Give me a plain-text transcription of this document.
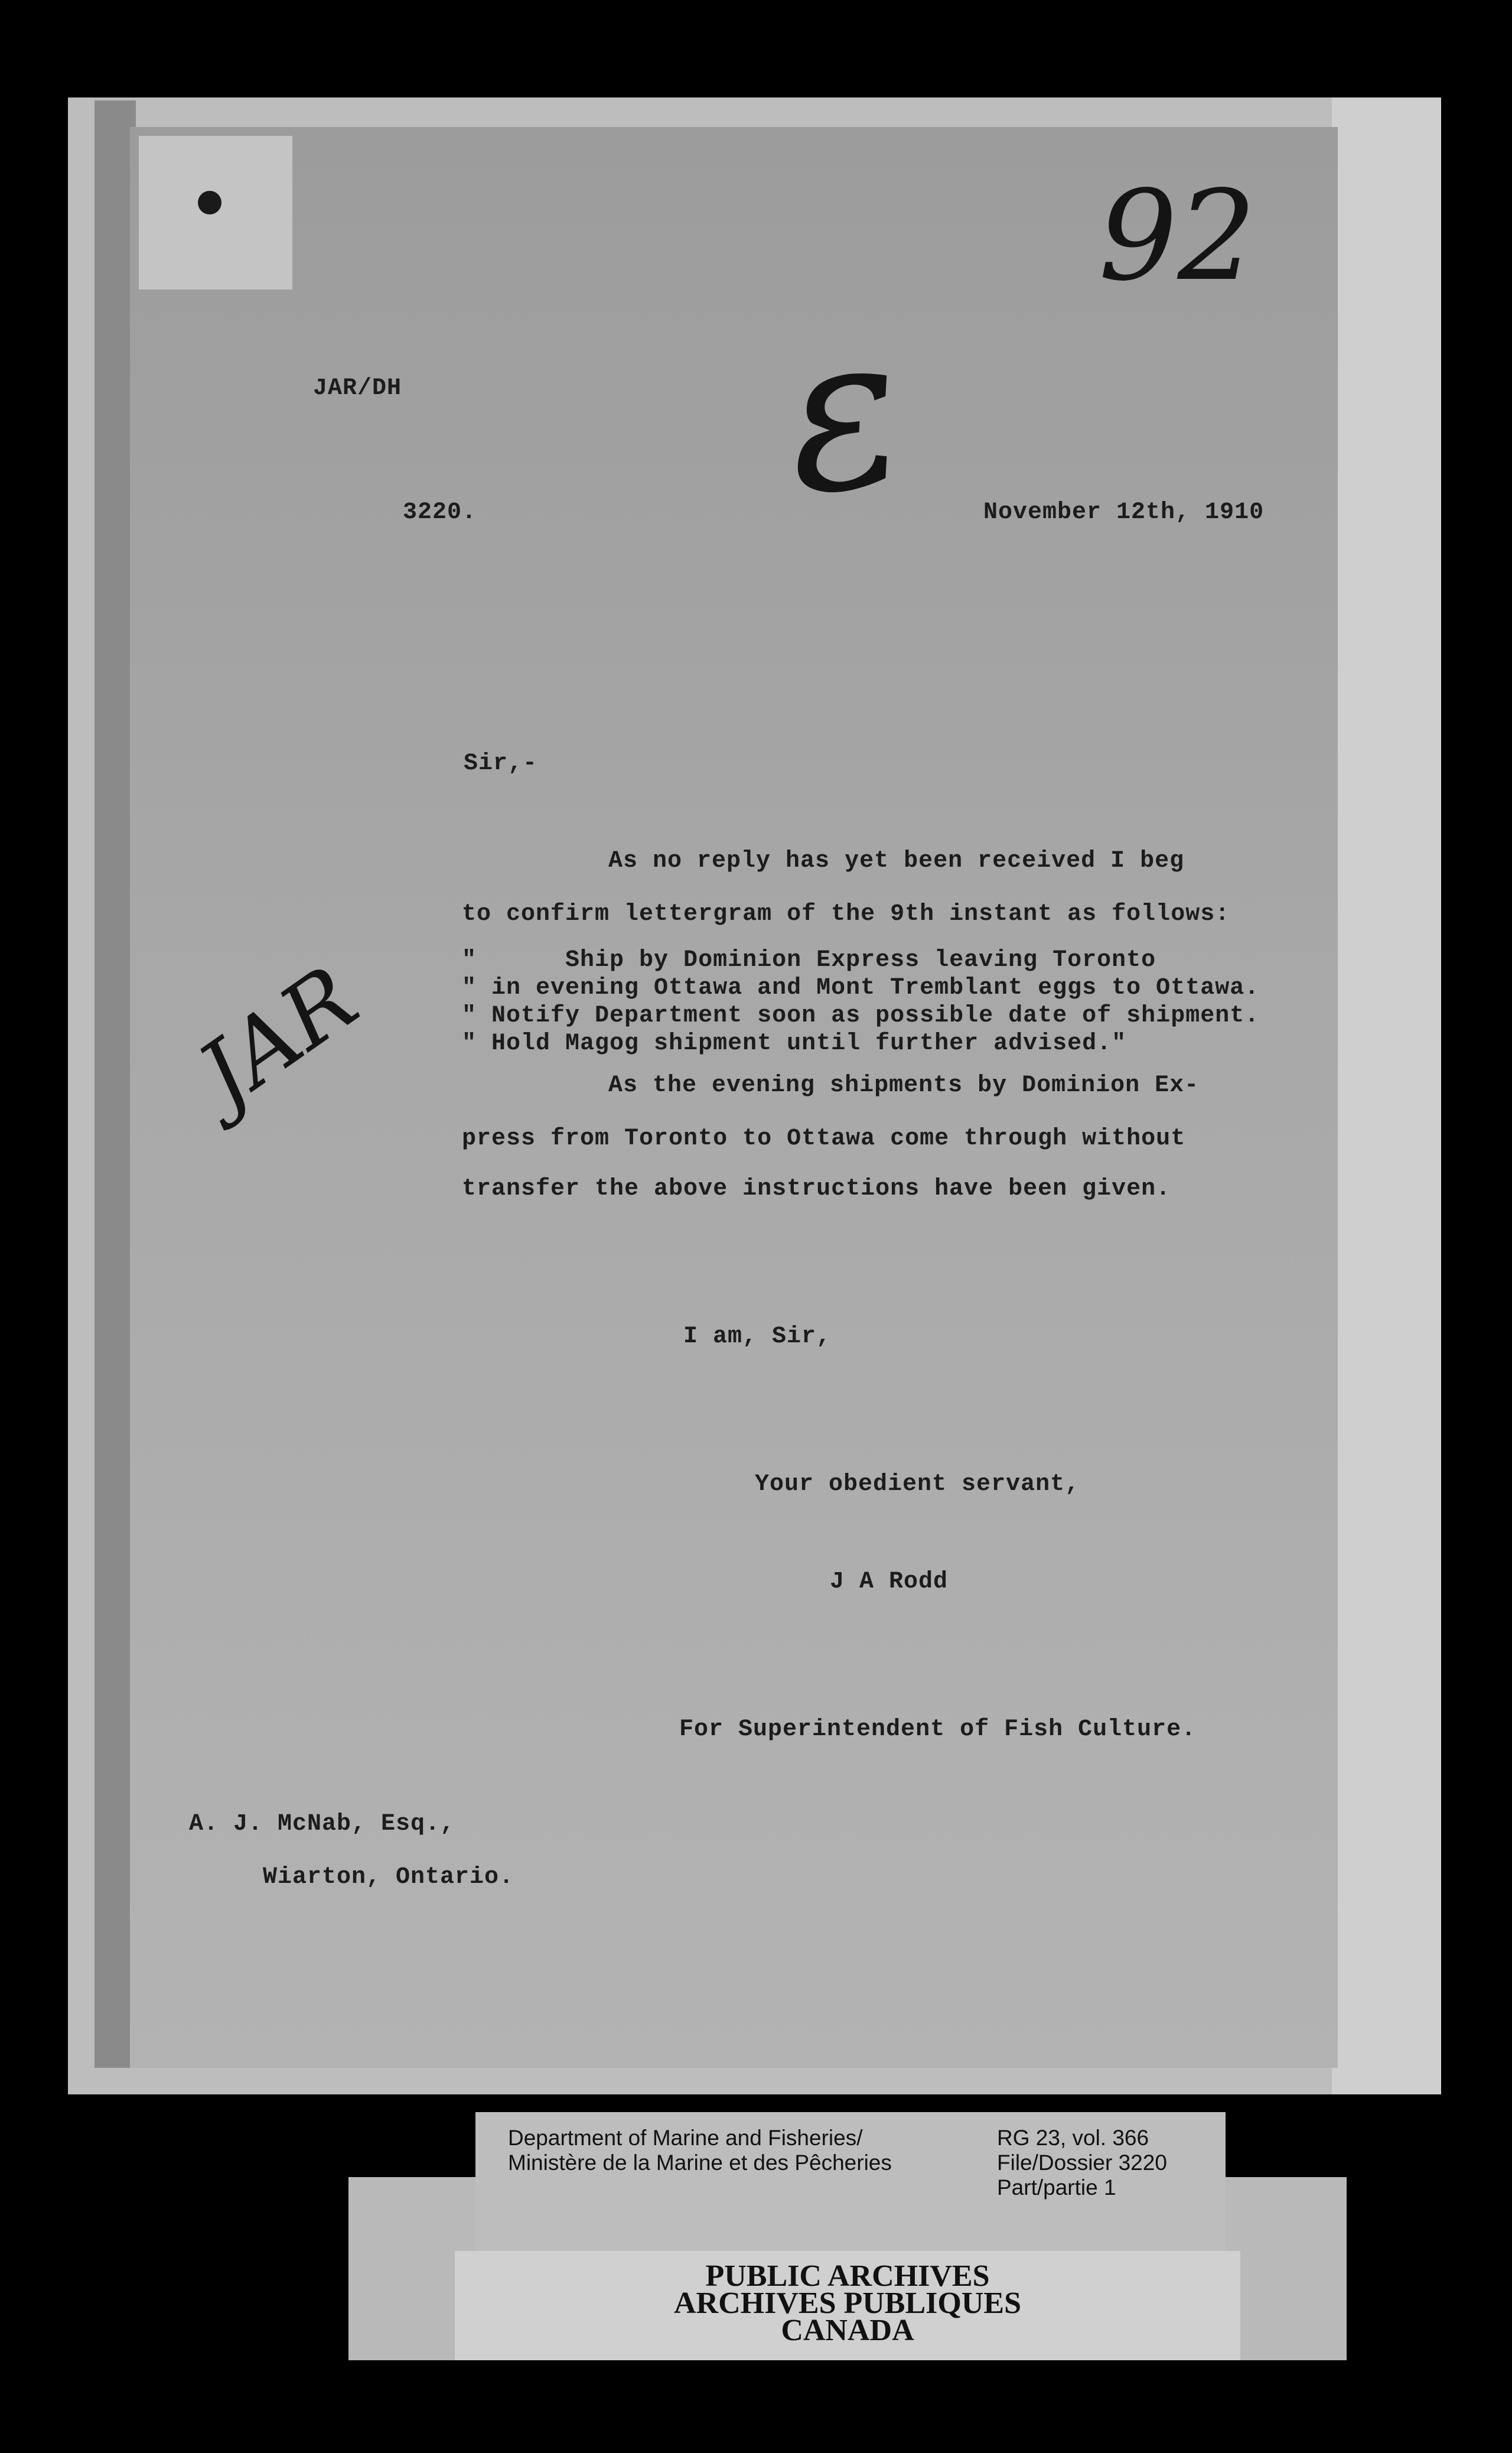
92
ε
JAR
JAR/DH
3220.	November 12th, 1910
Sir,-
As no reply has yet been received I beg
to confirm lettergram of the 9th instant as follows:
"      Ship by Dominion Express leaving Toronto
" in evening Ottawa and Mont Tremblant eggs to Ottawa.
" Notify Department soon as possible date of shipment.
" Hold Magog shipment until further advised."
As the evening shipments by Dominion Ex-
press from Toronto to Ottawa come through without
transfer the above instructions have been given.
I am, Sir,
Your obedient servant,
J A Rodd
For Superintendent of Fish Culture.
A. J. McNab, Esq.,
Wiarton, Ontario.
Department of Marine and Fisheries/
Ministère de la Marine et des Pêcheries
RG 23, vol. 366
File/Dossier 3220
Part/partie 1
PUBLIC ARCHIVES
ARCHIVES PUBLIQUES
CANADA
